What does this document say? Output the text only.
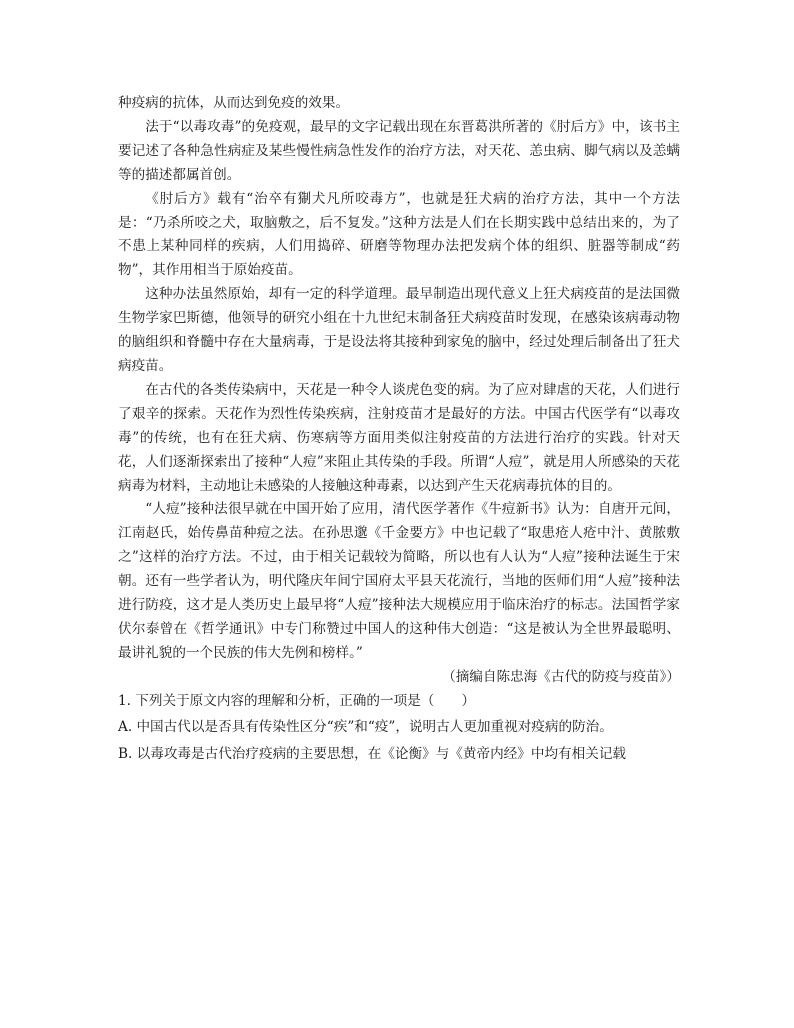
种疫病的抗体，从而达到免疫的效果。

法于“以毒攻毒”的免疫观，最早的文字记载出现在东晋葛洪所著的《肘后方》中，该书主要记述了各种急性病症及某些慢性病急性发作的治疗方法，对天花、恙虫病、脚气病以及恙螨等的描述都属首创。

《肘后方》载有“治卒有猘犬凡所咬毒方”，也就是狂犬病的治疗方法，其中一个方法是：“乃杀所咬之犬，取脑敷之，后不复发。”这种方法是人们在长期实践中总结出来的，为了不患上某种同样的疾病，人们用捣碎、研磨等物理办法把发病个体的组织、脏器等制成“药物”，其作用相当于原始疫苗。

这种办法虽然原始，却有一定的科学道理。最早制造出现代意义上狂犬病疫苗的是法国微生物学家巴斯德，他领导的研究小组在十九世纪末制备狂犬病疫苗时发现，在感染该病毒动物的脑组织和脊髓中存在大量病毒，于是设法将其接种到家兔的脑中，经过处理后制备出了狂犬病疫苗。

在古代的各类传染病中，天花是一种令人谈虎色变的病。为了应对肆虐的天花，人们进行了艰辛的探索。天花作为烈性传染疾病，注射疫苗才是最好的方法。中国古代医学有“以毒攻毒”的传统，也有在狂犬病、伤寒病等方面用类似注射疫苗的方法进行治疗的实践。针对天花，人们逐渐探索出了接种“人痘”来阻止其传染的手段。所谓“人痘”，就是用人所感染的天花病毒为材料，主动地让未感染的人接触这种毒素，以达到产生天花病毒抗体的目的。

“人痘”接种法很早就在中国开始了应用，清代医学著作《牛痘新书》认为：自唐开元间，江南赵氏，始传鼻苗种痘之法。在孙思邈《千金要方》中也记载了“取患疮人疮中汁、黄脓敷之”这样的治疗方法。不过，由于相关记载较为简略，所以也有人认为“人痘”接种法诞生于宋朝。还有一些学者认为，明代隆庆年间宁国府太平县天花流行，当地的医师们用“人痘”接种法进行防疫，这才是人类历史上最早将“人痘”接种法大规模应用于临床治疗的标志。法国哲学家伏尔泰曾在《哲学通讯》中专门称赞过中国人的这种伟大创造：“这是被认为全世界最聪明、最讲礼貌的一个民族的伟大先例和榜样。”

（摘编自陈忠海《古代的防疫与疫苗》）

1. 下列关于原文内容的理解和分析，正确的一项是（　　）

A. 中国古代以是否具有传染性区分“疾”和“疫”，说明古人更加重视对疫病的防治。

B. 以毒攻毒是古代治疗疫病的主要思想，在《论衡》与《黄帝内经》中均有相关记载
